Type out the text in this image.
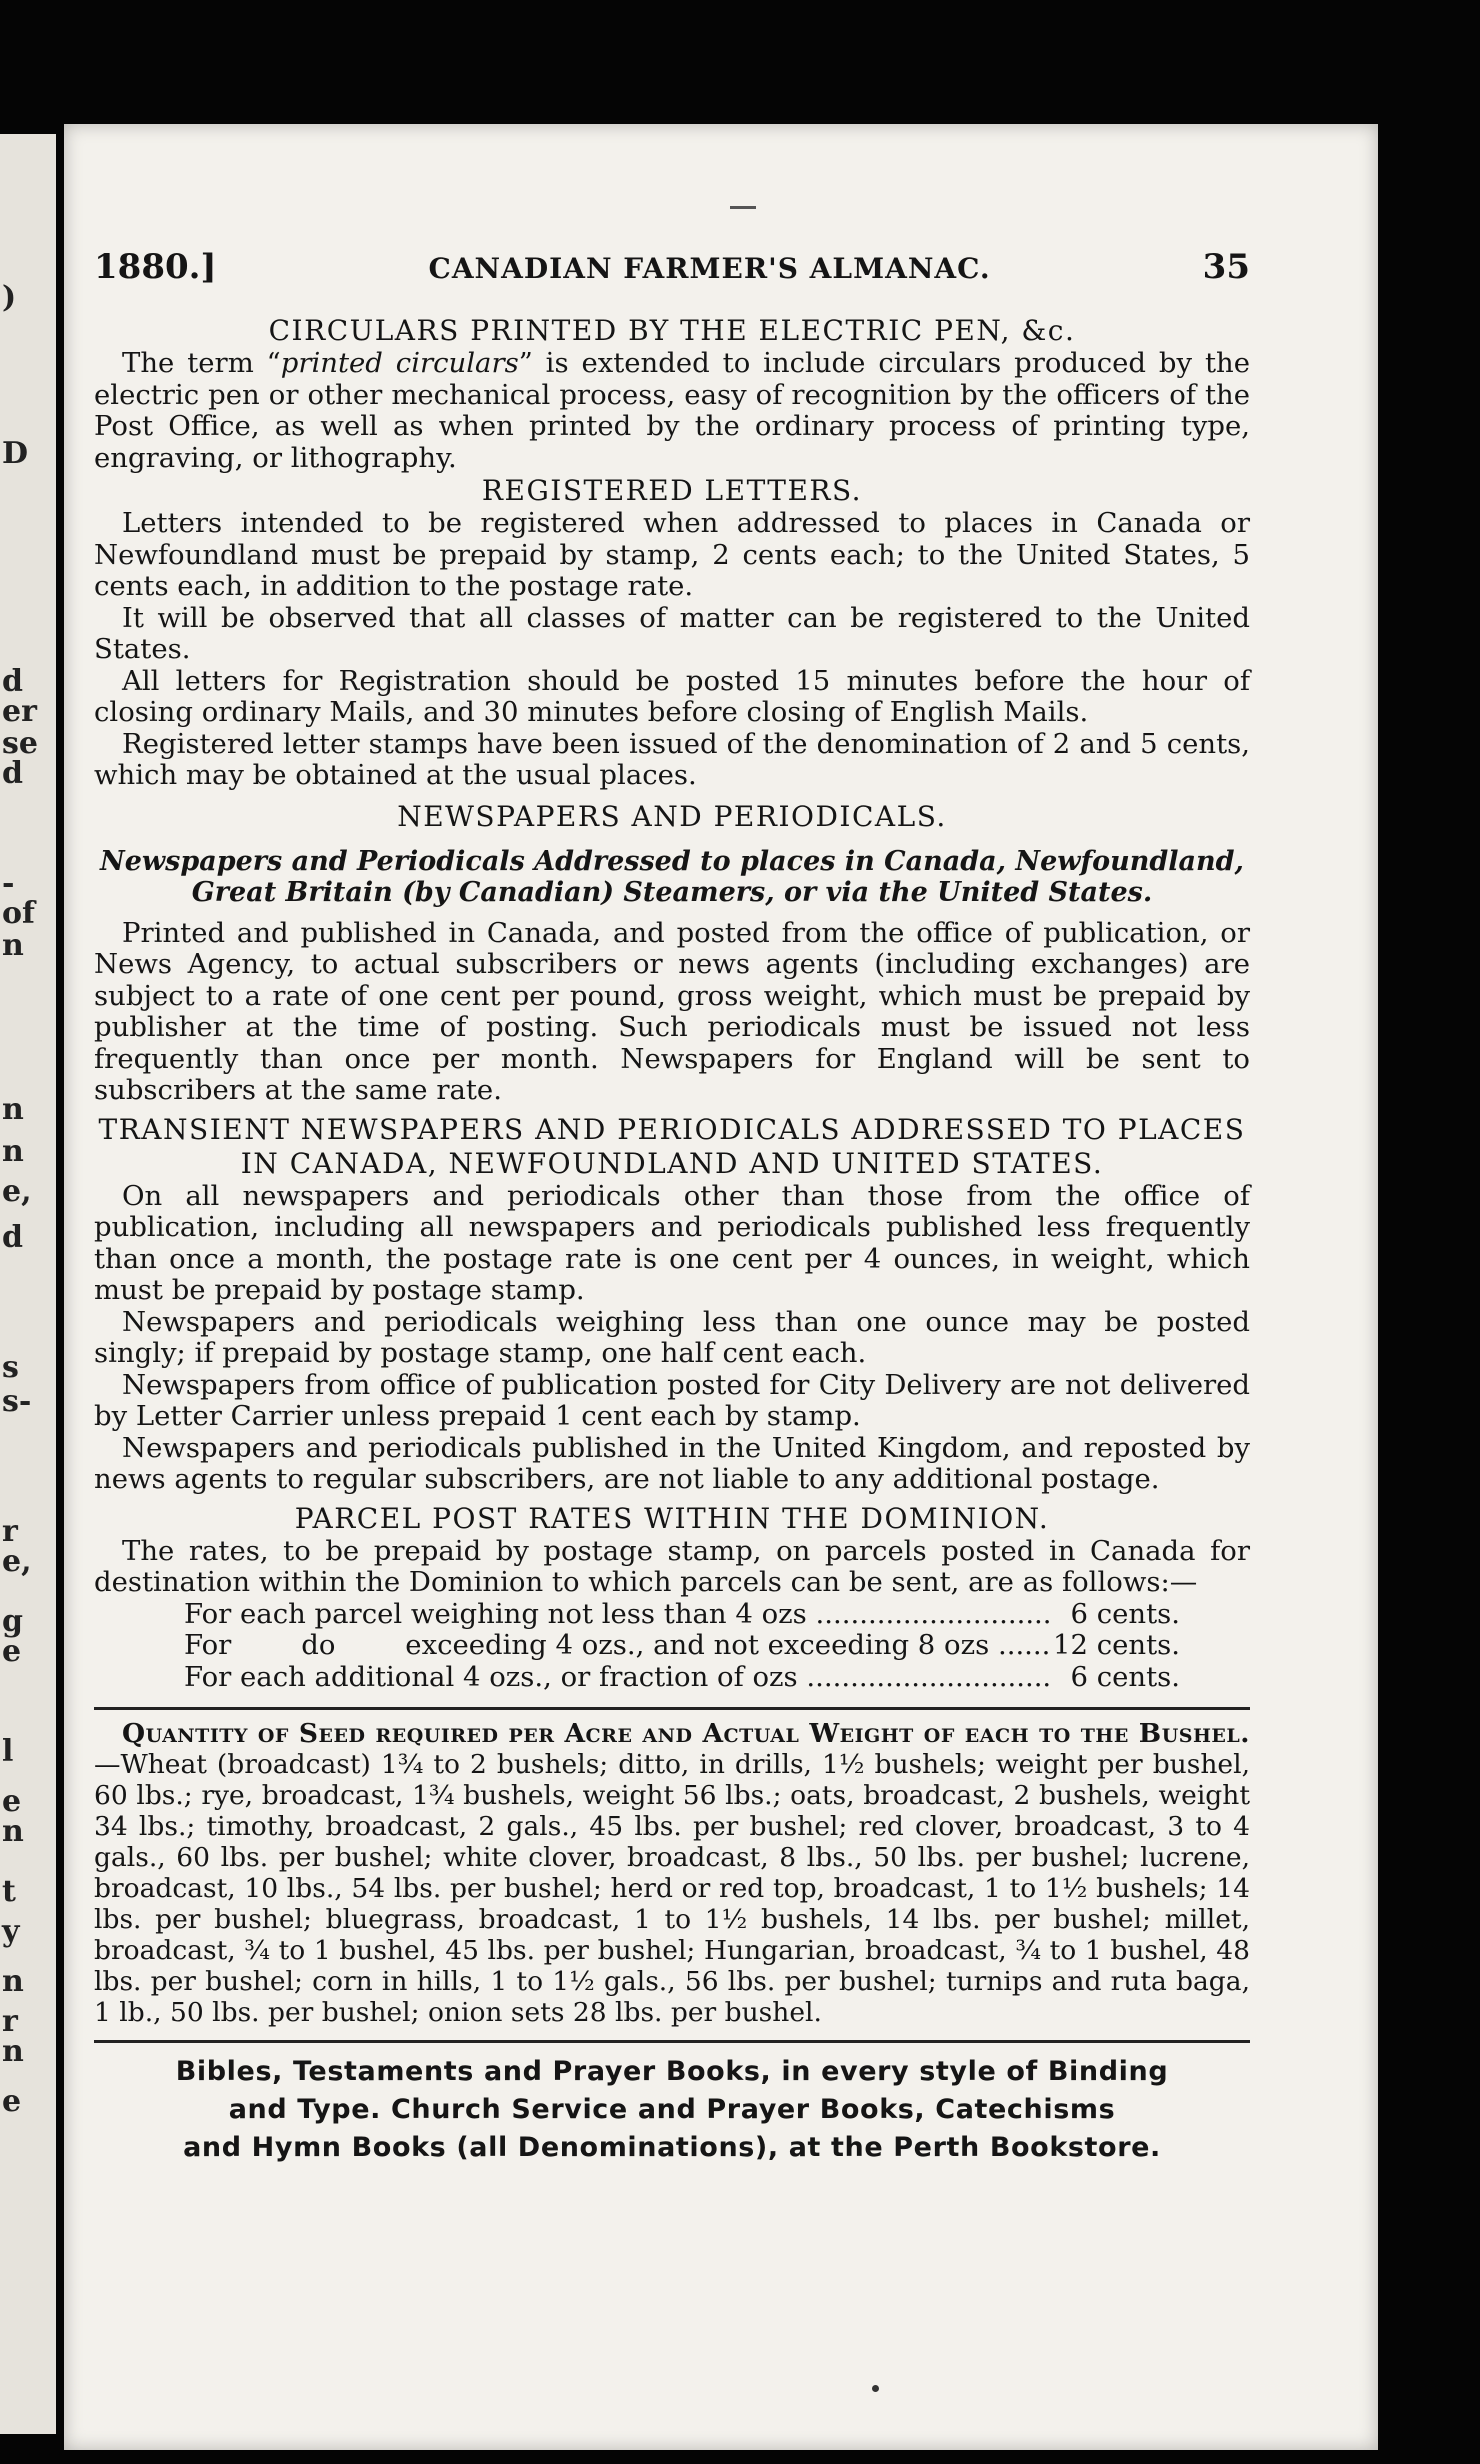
)
D
d
er
se
d
-
of
n
n
n
e,
d
s
s-
r
e,
g
e
l
e
n
t
y
n
r
n
e
1880.]	CANADIAN FARMER'S ALMANAC.	35
CIRCULARS PRINTED BY THE ELECTRIC PEN, &c.

The term “printed circulars” is extended to include circulars produced by the electric pen or other mechanical process, easy of recognition by the officers of the Post Office, as well as when printed by the ordinary process of printing type, engraving, or lithography.

REGISTERED LETTERS.

Letters intended to be registered when addressed to places in Canada or Newfoundland must be prepaid by stamp, 2 cents each; to the United States, 5 cents each, in addition to the postage rate.

It will be observed that all classes of matter can be registered to the United States.

All letters for Registration should be posted 15 minutes before the hour of closing ordinary Mails, and 30 minutes before closing of English Mails.

Registered letter stamps have been issued of the denomination of 2 and 5 cents, which may be obtained at the usual places.

NEWSPAPERS AND PERIODICALS.
Newspapers and Periodicals Addressed to places in Canada, Newfoundland, Great Britain (by Canadian) Steamers, or via the United States.

Printed and published in Canada, and posted from the office of publication, or News Agency, to actual subscribers or news agents (including exchanges) are subject to a rate of one cent per pound, gross weight, which must be prepaid by publisher at the time of posting. Such periodicals must be issued not less frequently than once per month. Newspapers for England will be sent to subscribers at the same rate.

TRANSIENT NEWSPAPERS AND PERIODICALS ADDRESSED TO PLACES
IN CANADA, NEWFOUNDLAND AND UNITED STATES.

On all newspapers and periodicals other than those from the office of publication, including all newspapers and periodicals published less frequently than once a month, the postage rate is one cent per 4 ounces, in weight, which must be prepaid by postage stamp.

Newspapers and periodicals weighing less than one ounce may be posted singly; if prepaid by postage stamp, one half cent each.

Newspapers from office of publication posted for City Delivery are not delivered by Letter Carrier unless prepaid 1 cent each by stamp.

Newspapers and periodicals published in the United Kingdom, and reposted by news agents to regular subscribers, are not liable to any additional postage.

PARCEL POST RATES WITHIN THE DOMINION.

The rates, to be prepaid by postage stamp, on parcels posted in Canada for destination within the Dominion to which parcels can be sent, are as follows:—

For each parcel weighing not less than 4 ozs .....	6 cents.
For        do        exceeding 4 ozs., and not exceeding 8 ozs .....	12 cents.
For each additional 4 ozs., or fraction of ozs .....	6 cents.

Quantity of Seed required per Acre and Actual Weight of each to the Bushel.—Wheat (broadcast) 1¾ to 2 bushels; ditto, in drills, 1½ bushels; weight per bushel, 60 lbs.; rye, broadcast, 1¾ bushels, weight 56 lbs.; oats, broadcast, 2 bushels, weight 34 lbs.; timothy, broadcast, 2 gals., 45 lbs. per bushel; red clover, broadcast, 3 to 4 gals., 60 lbs. per bushel; white clover, broadcast, 8 lbs., 50 lbs. per bushel; lucrene, broadcast, 10 lbs., 54 lbs. per bushel; herd or red top, broadcast, 1 to 1½ bushels; 14 lbs. per bushel; bluegrass, broadcast, 1 to 1½ bushels, 14 lbs. per bushel; millet, broadcast, ¾ to 1 bushel, 45 lbs. per bushel; Hungarian, broadcast, ¾ to 1 bushel, 48 lbs. per bushel; corn in hills, 1 to 1½ gals., 56 lbs. per bushel; turnips and ruta baga, 1 lb., 50 lbs. per bushel; onion sets 28 lbs. per bushel.

Bibles, Testaments and Prayer Books, in every style of Binding
and Type. Church Service and Prayer Books, Catechisms
and Hymn Books (all Denominations), at the Perth Bookstore.
